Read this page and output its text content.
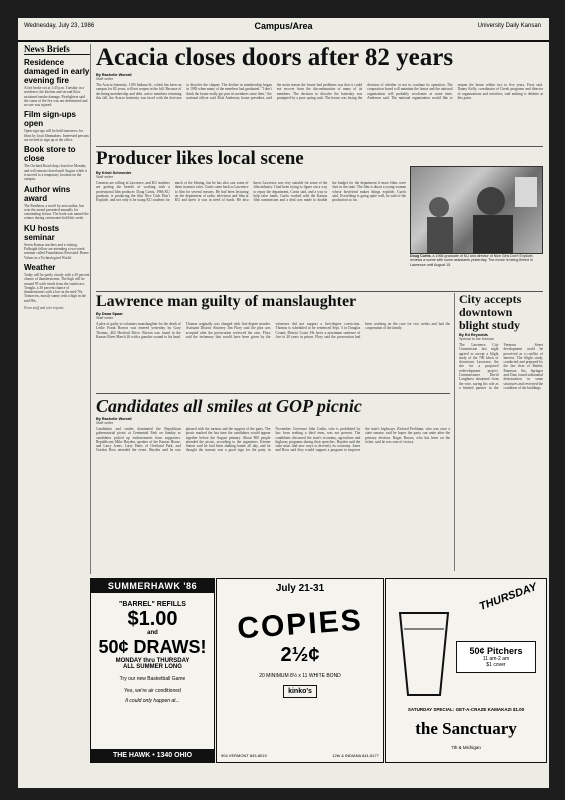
Wednesday, July 23, 1986	Campus/Area	University Daily Kansan
News Briefs
Residence damaged in early evening fire

A fire broke out at 1:45 p.m. Tuesday in a residence; the kitchen and second floor sustained smoke damage. Firefighters said the cause of the fire was not determined and no one was injured.

Film sign-ups open

Open sign-ups will be held tomorrow for films by local filmmakers. Interested persons are invited to sign up at the office.

Book store to close

The Orchard Road shop closed on Monday and will remain closed until August while it is moved to a temporary location on the campus.

Author wins award

The Pantheon, a novel by area author, has won the award presented annually for outstanding fiction. The book was named the winner during ceremonies held this week.

KU hosts seminar

Seven Kansas teachers and a visiting Fulbright fellow are attending a two-week seminar called Foundations Revisited: Home Values in a Technological World.

Weather

Today will be partly cloudy with a 30 percent chance of thunderstorms. The high will be around 95 with winds from the southwest. Tonight, a 30 percent chance of thunderstorms with a low in the mid-70s. Tomorrow, mostly sunny with a high in the mid-90s.

From staff and wire reports
Acacia closes doors after 82 years
By Rachelle Worrall
Staff writer
The Acacia fraternity, 1100 Indiana St., which has been on campus for 82 years, will not reopen in the fall. Because of declining membership and debt, active members returning this fall, the Acacia fraternity was faced with the decision to dissolve the chapter. The decline in membership began in 1983 when many of the members had graduated. "I don't think the house really got past its members since then," the national officer said. Rick Anderson, house president, said the main reason the house had problems was that it could not recover from the discontinuation of many of its members. The decision to dissolve the fraternity was prompted by a poor spring rush. The house was facing the decision of whether or not to continue its operation. The corporation board will maintain the house and the national organization will probably recolonize at some time, Anderson said. The national organization would like to reopen the house within two to five years, Frost said. Danny Kelly, coordinator of Greek programs and director of organizations and activities, said nothing is definite at this point.
Producer likes local scene
By Kristi Schroeder
Staff writer
Cameras are rolling in Lawrence, and KU students are getting the benefit of working with a professional film producer. Doug Curtis, 1966 KU graduate, is producing the film Nice Girls Don't Explode, and not only is he using KU students for much of the filming, but he has also cast some of them in minor roles. Curtis came back to Lawrence to film for several reasons. He had been lecturing on the department of radio, television and film at KU and knew it was in need of funds. He also knew Lawrence was very suitable for some of the film industry. I had been trying to figure out a way to repay the department, Curtis said, and a way to help raise funds. Curtis worked with the Kansas film commission and a deal was made to double the budget for the department if more films were shot in the state. The film is about a young woman whose boyfriend makes things explode, Curtis said. Everything is going quite well, he said of the production so far.
Doug Curtis, a 1966 graduate of KU and director of Nice Girls Don't Explode, reviews a scene with some assistants yesterday. The movie is being filmed in Lawrence until August 15.
Lawrence man guilty of manslaughter
By Dana Spaar
Staff writer
A plea of guilty to voluntary manslaughter for the death of Leslie Frank Borron was entered yesterday by Gary Thomas, 402 Hertford Drive. Borron was found in the Kansas River March 26 with a gunshot wound to his head. Thomas originally was charged with first-degree murder. Assistant District Attorney Jim Flory said the plea was accepted after the prosecution reviewed the case. Flory said the testimony that would have been given by the witnesses did not support a first-degree conviction. Thomas is scheduled to be sentenced Sept. 5 in Douglas County District Court. He faces a maximum sentence of five to 20 years in prison. Flory said the prosecution had been working on the case for two weeks and had the cooperation of the family.
City accepts downtown blight study
By Ed Reynolds
Special to the Kansan
The Lawrence City Commission last night agreed to accept a blight study of the 700 block of downtown Lawrence, the site for a proposed redevelopment project. Commissioner David Longhurst abstained from the vote, saying his role as a limited partner in the Vermont Street development could be perceived as a conflict of interest. The blight study, conducted and prepared by the law firm of Barber, Emerson, Six, Springer and Zinn, found substantial deterioration in some structures and reviewed the condition of the buildings.
Candidates all smiles at GOP picnic
By Rachelle Worrall
Staff writer
Candidates and smiles dominated the Republican gubernatorial picnic at Centennial Park on Sunday as candidates picked up endorsements from supporters. Republicans Mike Hayden, speaker of the Kansas House, and Larry Jones, Larry Harts of Overland Park, and Gordon Ross attended the event. Hayden said he was pleased with the turnout and the support of the party. The picnic marked the last time the candidates would appear together before the August primary. About 800 people attended the picnic, according to the organizers. Keener Sutton said he had been shaking hands all day, and he thought the turnout was a good sign for the party in November. Governor John Carlin, who is prohibited by law from seeking a third term, was not present. The candidates discussed the state's economy, agriculture and highway programs during their speeches. Hayden said the state must find new ways to diversify its economy. Jones and Ross said they would support a program to improve the state's highways. Richard Peckham, who was once a state senator, said he hopes the party can unite after the primary election. Roger Brown, who has been on the ticket, said he was sure of victory.
SUMMERHAWK '86
"BARREL" REFILLS
$1.00
and
50¢ DRAWS!
MONDAY thru THURSDAY
ALL SUMMER LONG
Try our new Basketball Game
Yes, we're air conditioned
It could only happen at...
THE HAWK • 1340 OHIO
July 21-31
COPIES
2½¢
20 MINIMUM 8½ x 11 WHITE BOND
kinko's
904 VERMONT 843-8019	12th & INDIANA 841-8177
THURSDAY
50¢ Pitchers
11 am-2 am
$1 cover
SATURDAY SPECIAL: GET-A-CRAZE KAMAKAZI $1.00
the Sanctuary
7th & Michigan
